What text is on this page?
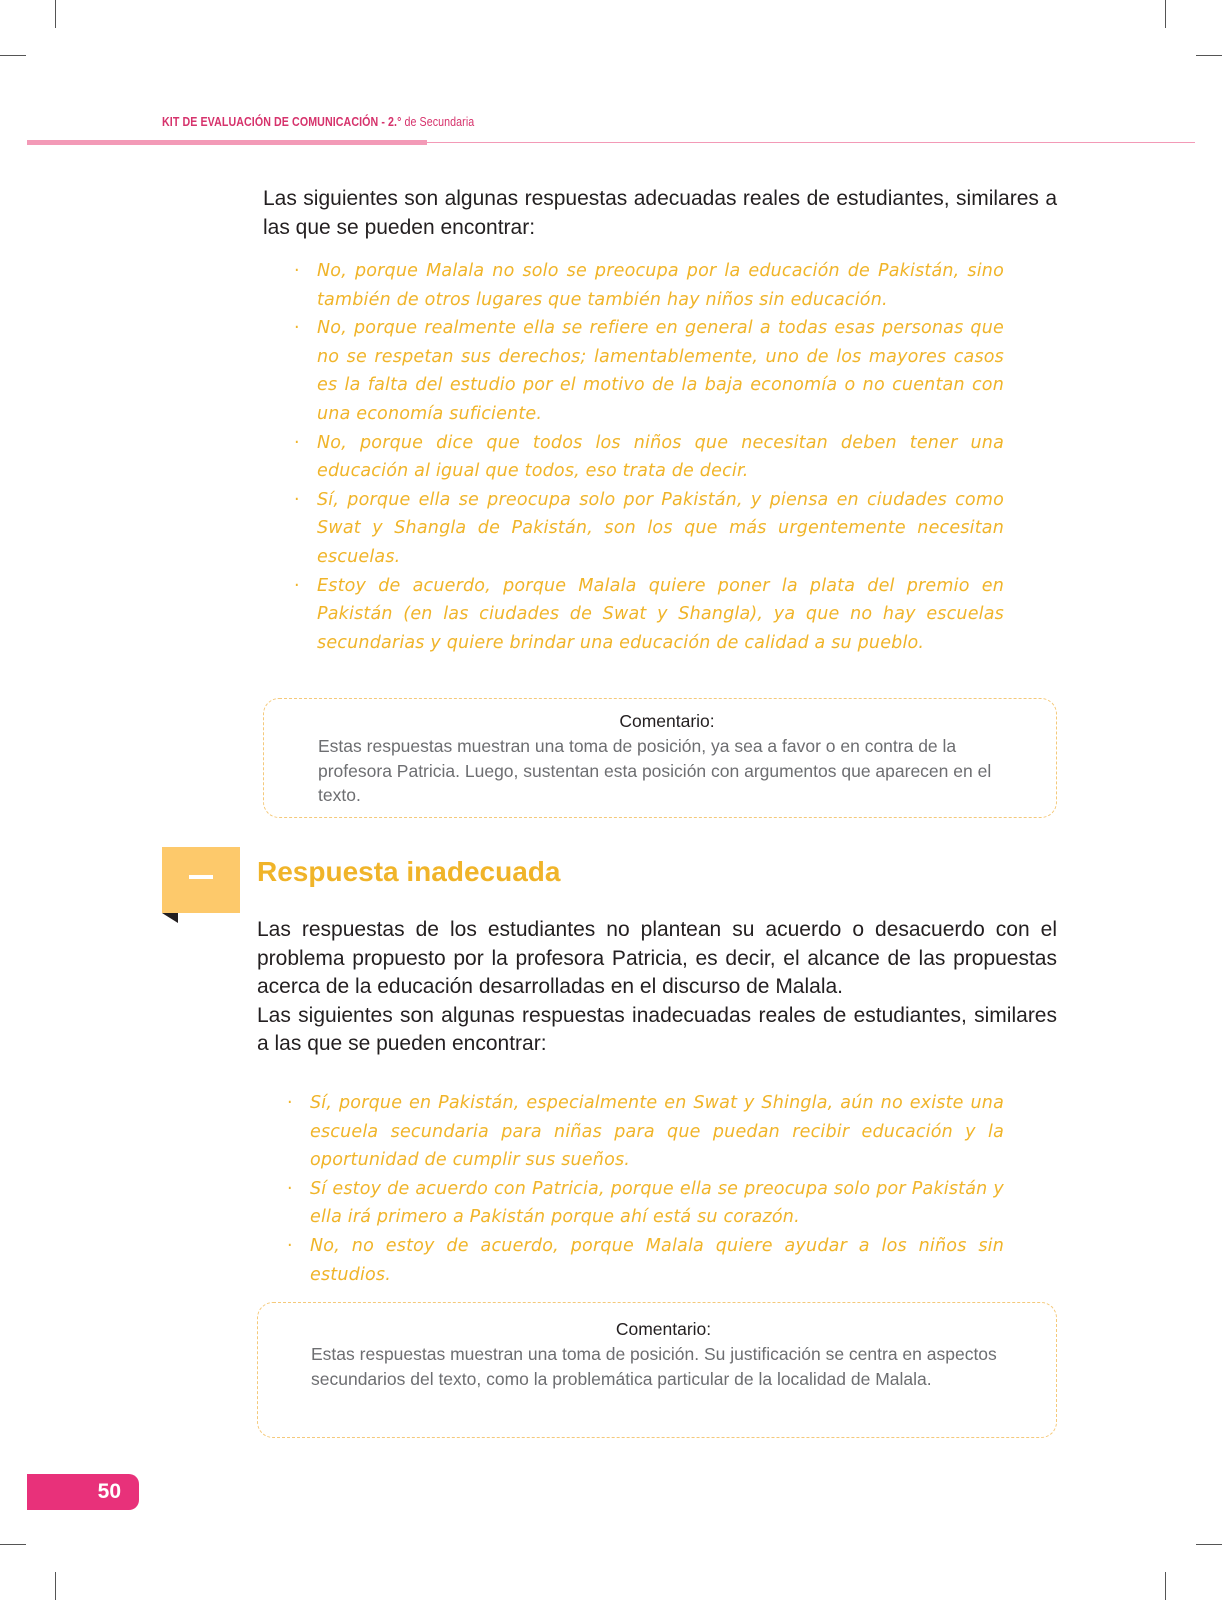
KIT DE EVALUACIÓN DE COMUNICACIÓN - 2.° de Secundaria

Las siguientes son algunas respuestas adecuadas reales de estudiantes, similares a las que se pueden encontrar:

· No, porque Malala no solo se preocupa por la educación de Pakistán, sino también de otros lugares que también hay niños sin educación.
· No, porque realmente ella se refiere en general a todas esas personas que no se respetan sus derechos; lamentablemente, uno de los mayores casos es la falta del estudio por el motivo de la baja economía o no cuentan con una economía suficiente.
· No, porque dice que todos los niños que necesitan deben tener una educación al igual que todos, eso trata de decir.
· Sí, porque ella se preocupa solo por Pakistán, y piensa en ciudades como Swat y Shangla de Pakistán, son los que más urgentemente necesitan escuelas.
· Estoy de acuerdo, porque Malala quiere poner la plata del premio en Pakistán (en las ciudades de Swat y Shangla), ya que no hay escuelas secundarias y quiere brindar una educación de calidad a su pueblo.

Comentario:

Estas respuestas muestran una toma de posición, ya sea a favor o en contra de la profesora Patricia. Luego, sustentan esta posición con argumentos que aparecen en el texto.

Respuesta inadecuada

Las respuestas de los estudiantes no plantean su acuerdo o desacuerdo con el problema propuesto por la profesora Patricia, es decir, el alcance de las propuestas acerca de la educación desarrolladas en el discurso de Malala.

Las siguientes son algunas respuestas inadecuadas reales de estudiantes, similares a las que se pueden encontrar:

· Sí, porque en Pakistán, especialmente en Swat y Shingla, aún no existe una escuela secundaria para niñas para que puedan recibir educación y la oportunidad de cumplir sus sueños.
· Sí estoy de acuerdo con Patricia, porque ella se preocupa solo por Pakistán y ella irá primero a Pakistán porque ahí está su corazón.
· No, no estoy de acuerdo, porque Malala quiere ayudar a los niños sin estudios.

Comentario:

Estas respuestas muestran una toma de posición. Su justificación se centra en aspectos secundarios del texto, como la problemática particular de la localidad de Malala.

50
